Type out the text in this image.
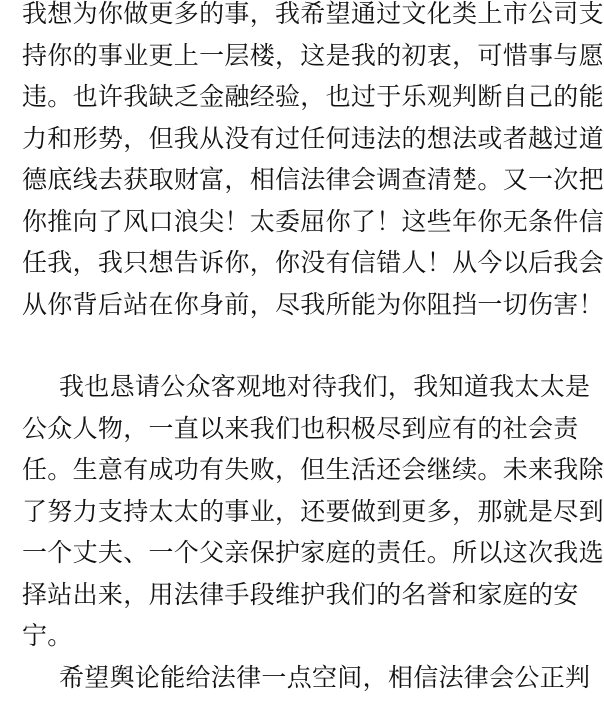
我想为你做更多的事，我希望通过文化类上市公司支
持你的事业更上一层楼，这是我的初衷，可惜事与愿
违。也许我缺乏金融经验，也过于乐观判断自己的能
力和形势，但我从没有过任何违法的想法或者越过道
德底线去获取财富，相信法律会调查清楚。又一次把
你推向了风口浪尖！太委屈你了！这些年你无条件信
任我，我只想告诉你，你没有信错人！从今以后我会
从你背后站在你身前，尽我所能为你阻挡一切伤害！
我也恳请公众客观地对待我们，我知道我太太是
公众人物，一直以来我们也积极尽到应有的社会责
任。生意有成功有失败，但生活还会继续。未来我除
了努力支持太太的事业，还要做到更多，那就是尽到
一个丈夫、一个父亲保护家庭的责任。所以这次我选
择站出来，用法律手段维护我们的名誉和家庭的安
宁。
希望舆论能给法律一点空间，相信法律会公正判
